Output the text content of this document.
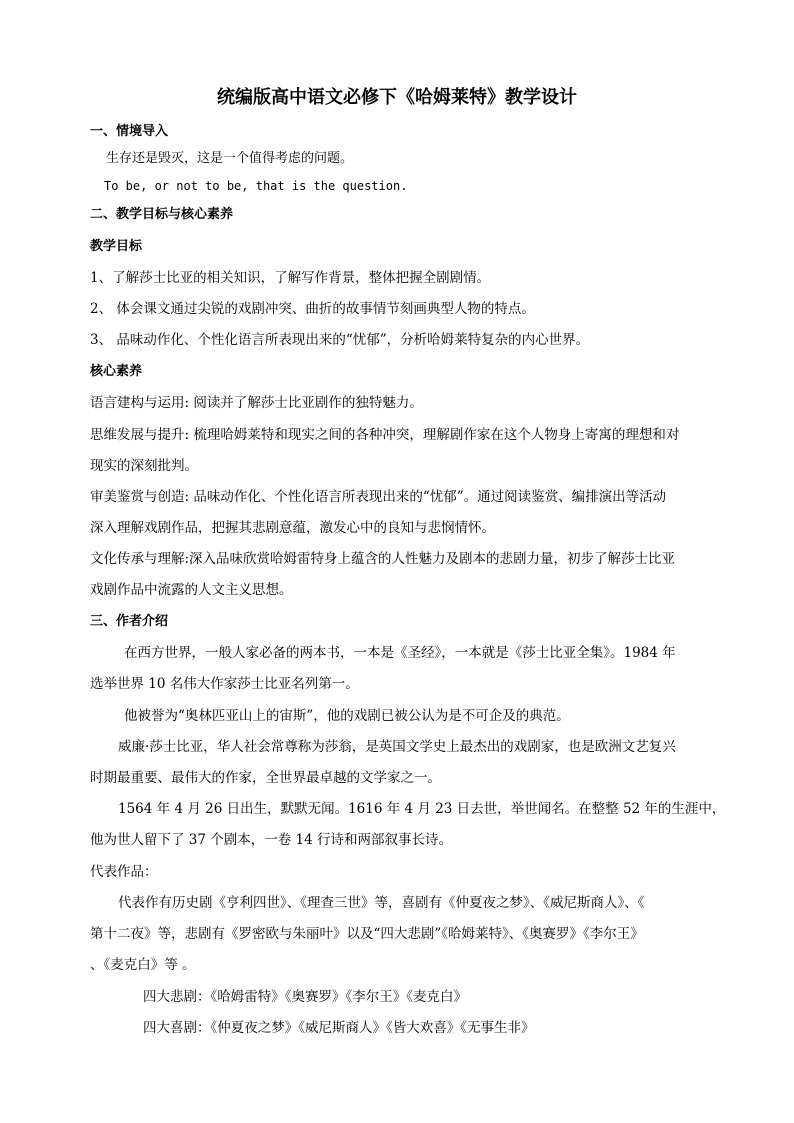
统编版高中语文必修下《哈姆莱特》教学设计
一、情境导入
生存还是毁灭，这是一个值得考虑的问题。
To be, or not to be, that is the question.
二、教学目标与核心素养
教学目标
1、了解莎士比亚的相关知识，了解写作背景，整体把握全剧剧情。
2、 体会课文通过尖锐的戏剧冲突、曲折的故事情节刻画典型人物的特点。
3、 品味动作化、个性化语言所表现出来的“忧郁”，分析哈姆莱特复杂的内心世界。
核心素养
语言建构与运用: 阅读并了解莎士比亚剧作的独特魅力。
思维发展与提升: 梳理哈姆莱特和现实之间的各种冲突，理解剧作家在这个人物身上寄寓的理想和对
现实的深刻批判。
审美鉴赏与创造: 品味动作化、个性化语言所表现出来的“忧郁”。通过阅读鉴赏、编排演出等活动
深入理解戏剧作品，把握其悲剧意蕴，激发心中的良知与悲悯情怀。
文化传承与理解:深入品味欣赏哈姆雷特身上蕴含的人性魅力及剧本的悲剧力量，初步了解莎士比亚
戏剧作品中流露的人文主义思想。
三、作者介绍
在西方世界，一般人家必备的两本书，一本是《圣经》，一本就是《莎士比亚全集》。1984 年
选举世界 10 名伟大作家莎士比亚名列第一。
他被誉为“奥林匹亚山上的宙斯”，他的戏剧已被公认为是不可企及的典范。
威廉·莎士比亚，华人社会常尊称为莎翁，是英国文学史上最杰出的戏剧家，也是欧洲文艺复兴
时期最重要、最伟大的作家，全世界最卓越的文学家之一。
1564 年 4 月 26 日出生，默默无闻。1616 年 4 月 23 日去世，举世闻名。在整整 52 年的生涯中，
他为世人留下了 37 个剧本，一卷 14 行诗和两部叙事长诗。
代表作品：
代表作有历史剧《亨利四世》、《理查三世》等，喜剧有《仲夏夜之梦》、《威尼斯商人》、《
第十二夜》等，悲剧有《罗密欧与朱丽叶》以及“四大悲剧”《哈姆莱特》、《奥赛罗》《李尔王》
、《麦克白》等 。
四大悲剧：《哈姆雷特》《奥赛罗》《李尔王》《麦克白》
四大喜剧：《仲夏夜之梦》《威尼斯商人》《皆大欢喜》《无事生非》
